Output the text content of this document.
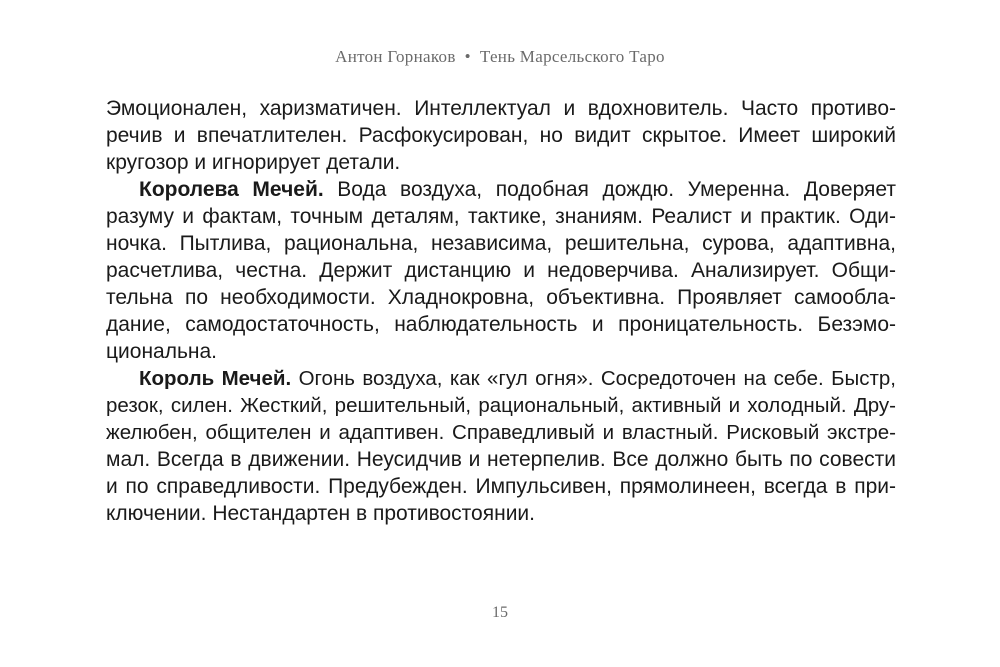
Антон Горнаков • Тень Марсельского Таро
Эмоционален, харизматичен. Интеллектуал и вдохновитель. Часто противо-
речив и впечатлителен. Расфокусирован, но видит скрытое. Имеет широкий
кругозор и игнорирует детали.
Королева Мечей. Вода воздуха, подобная дождю. Умеренна. Доверяет
разуму и фактам, точным деталям, тактике, знаниям. Реалист и практик. Оди-
ночка. Пытлива, рациональна, независима, решительна, сурова, адаптивна,
расчетлива, честна. Держит дистанцию и недоверчива. Анализирует. Общи-
тельна по необходимости. Хладнокровна, объективна. Проявляет самообла-
дание, самодостаточность, наблюдательность и проницательность. Безэмо-
циональна.
Король Мечей. Огонь воздуха, как «гул огня». Сосредоточен на себе. Быстр,
резок, силен. Жесткий, решительный, рациональный, активный и холодный. Дру-
желюбен, общителен и адаптивен. Справедливый и властный. Рисковый экстре-
мал. Всегда в движении. Неусидчив и нетерпелив. Все должно быть по совести
и по справедливости. Предубежден. Импульсивен, прямолинеен, всегда в при-
ключении. Нестандартен в противостоянии.
15
